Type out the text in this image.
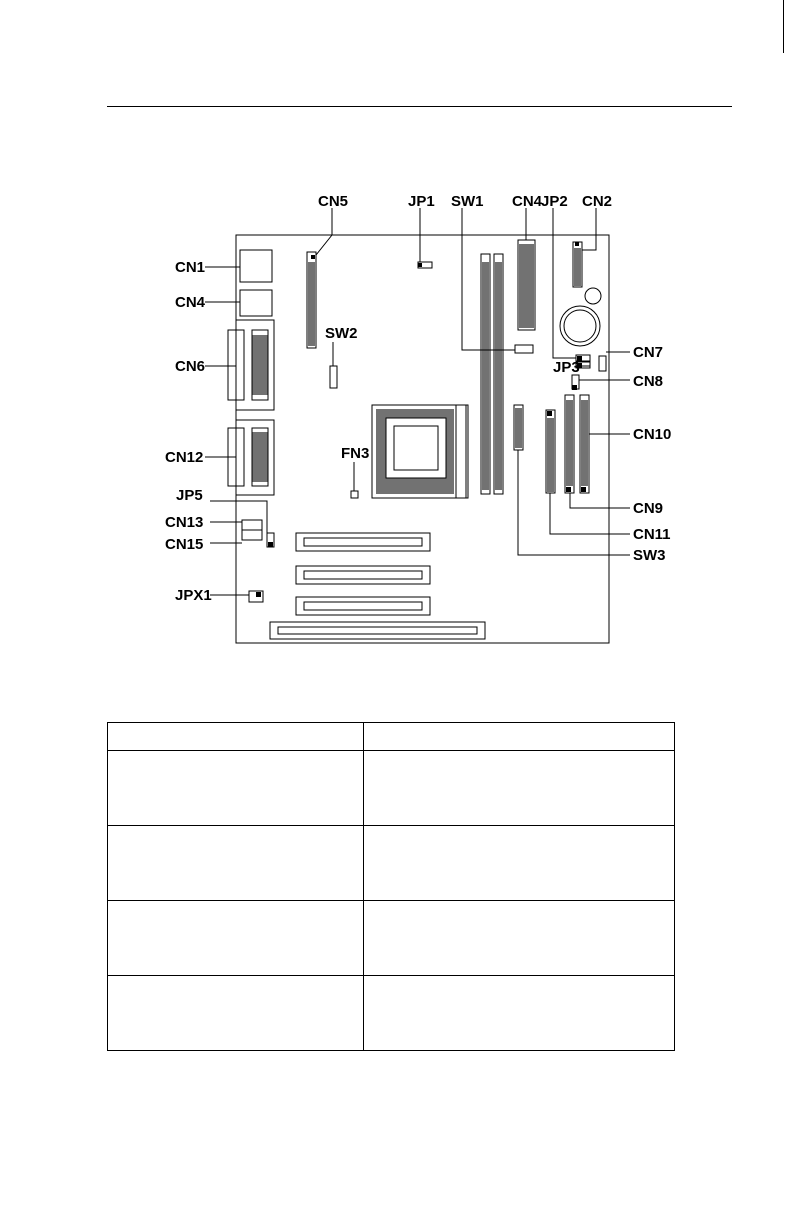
CN5	JP1 SW1 CN4
JP2 CN2
CN1
CN4
CN6
SW2
CN12	FN3
JP5
CN13
CN15
JPX1
CN7
JP3
CN8
CN10
CN9
CN11
SW3
